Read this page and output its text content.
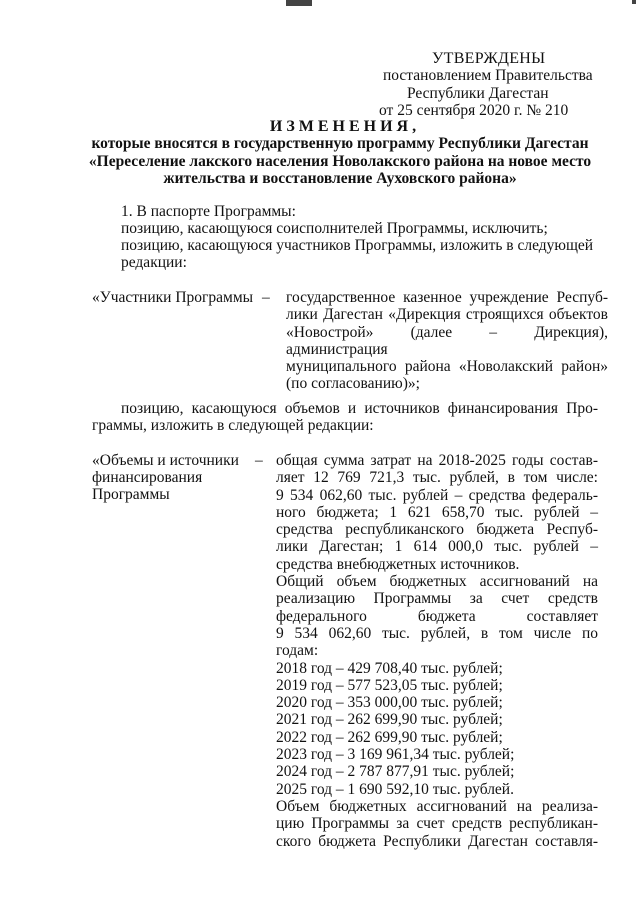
УТВЕРЖДЕНЫ
постановлением Правительства
Республики Дагестан
от 25 сентября 2020 г. № 210
ИЗМЕНЕНИЯ,
которые вносятся в государственную программу Республики Дагестан
«Переселение лакского населения Новолакского района на новое место
жительства и восстановление Ауховского района»
1. В паспорте Программы:
позицию, касающуюся соисполнителей Программы, исключить;
позицию, касающуюся участников Программы, изложить в следующей
редакции:
«Участники Программы – государственное казенное учреждение Респуб-
лики Дагестан «Дирекция строящихся объектов
«Новострой» (далее – Дирекция), администрация
муниципального района «Новолакский район»
(по согласованию)»;
позицию, касающуюся объемов и источников финансирования Про-
граммы, изложить в следующей редакции:
«Объемы и источники –
финансирования
Программы
общая сумма затрат на 2018-2025 годы состав-
ляет 12 769 721,3 тыс. рублей, в том числе:
9 534 062,60 тыс. рублей – средства федераль-
ного бюджета; 1 621 658,70 тыс. рублей –
средства республиканского бюджета Респуб-
лики Дагестан; 1 614 000,0 тыс. рублей –
средства внебюджетных источников.
Общий объем бюджетных ассигнований на
реализацию Программы за счет средств
федерального бюджета составляет
9 534 062,60 тыс. рублей, в том числе по
годам:
2018 год – 429 708,40 тыс. рублей;
2019 год – 577 523,05 тыс. рублей;
2020 год – 353 000,00 тыс. рублей;
2021 год – 262 699,90 тыс. рублей;
2022 год – 262 699,90 тыс. рублей;
2023 год – 3 169 961,34 тыс. рублей;
2024 год – 2 787 877,91 тыс. рублей;
2025 год – 1 690 592,10 тыс. рублей.
Объем бюджетных ассигнований на реализа-
цию Программы за счет средств республикан-
ского бюджета Республики Дагестан составля-
